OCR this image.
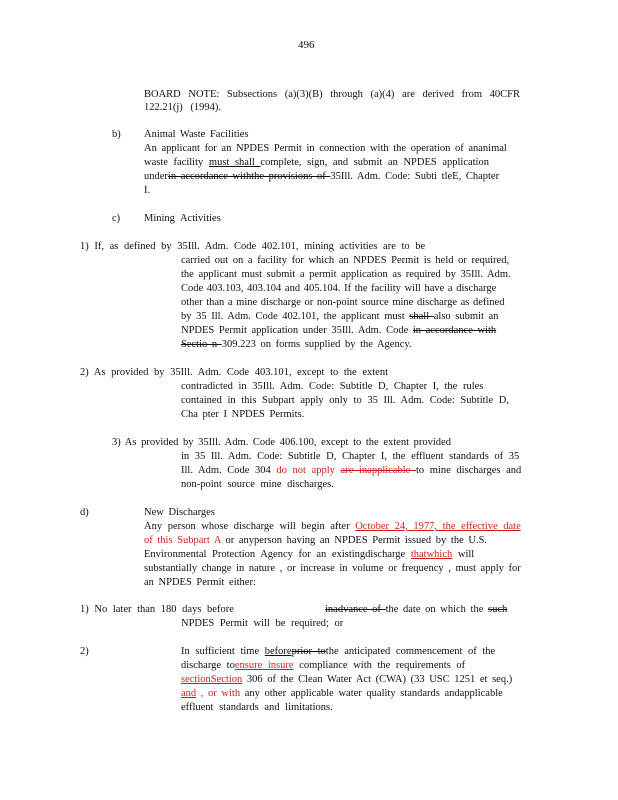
496
BOARD NOTE: Subsections (a)(3)(B) through (a)(4) are derived from 40CFR
122.21(j) (1994).
b) Animal Waste Facilities
An applicant for an NPDES Permit in connection with the operation of ananimal
waste facility must shall complete, sign, and submit an NPDES application
underin accordance withthe provisions of 35Ill. Adm. Code: Subti tleE, Chapter
I.
c) Mining Activities
1) If, as defined by 35Ill. Adm. Code 402.101, mining activities are to be
carried out on a facility for which an NPDES Permit is held or required,
the applicant must submit a permit application as required by 35Ill. Adm.
Code 403.103, 403.104 and 405.104. If the facility will have a discharge
other than a mine discharge or non-point source mine discharge as defined
by 35 Ill. Adm. Code 402.101, the applicant must shall also submit an
NPDES Permit application under 35Ill. Adm. Code in accordance with
Sectio n 309.223 on forms supplied by the Agency.
2) As provided by 35Ill. Adm. Code 403.101, except to the extent
contradicted in 35Ill. Adm. Code: Subtitle D, Chapter I, the rules
contained in this Subpart apply only to 35 Ill. Adm. Code: Subtitle D,
Cha pter I NPDES Permits.
3) As provided by 35Ill. Adm. Code 406.100, except to the extent provided
in 35 Ill. Adm. Code: Subtitle D, Chapter I, the effluent standards of 35
Ill. Adm. Code 304 do not apply are inapplicable to mine discharges and
non-point source mine discharges.
d)	New Discharges
Any person whose discharge will begin after October 24, 1977, the effective date
of this Subpart A or anyperson having an NPDES Permit issued by the U.S.
Environmental Protection Agency for an existingdischarge thatwhich will
substantially change in nature , or increase in volume or frequency , must apply for
an NPDES Permit either:
1) No later than 180 days before	inadvance of the date on which the such
NPDES Permit will be required; or
2)	In sufficient time beforeprior tothe anticipated commencement of the
discharge toensure insure compliance with the requirements of
sectionSection 306 of the Clean Water Act (CWA) (33 USC 1251 et seq.)
and , or with any other applicable water quality standards andapplicable
effluent standards and limitations.
